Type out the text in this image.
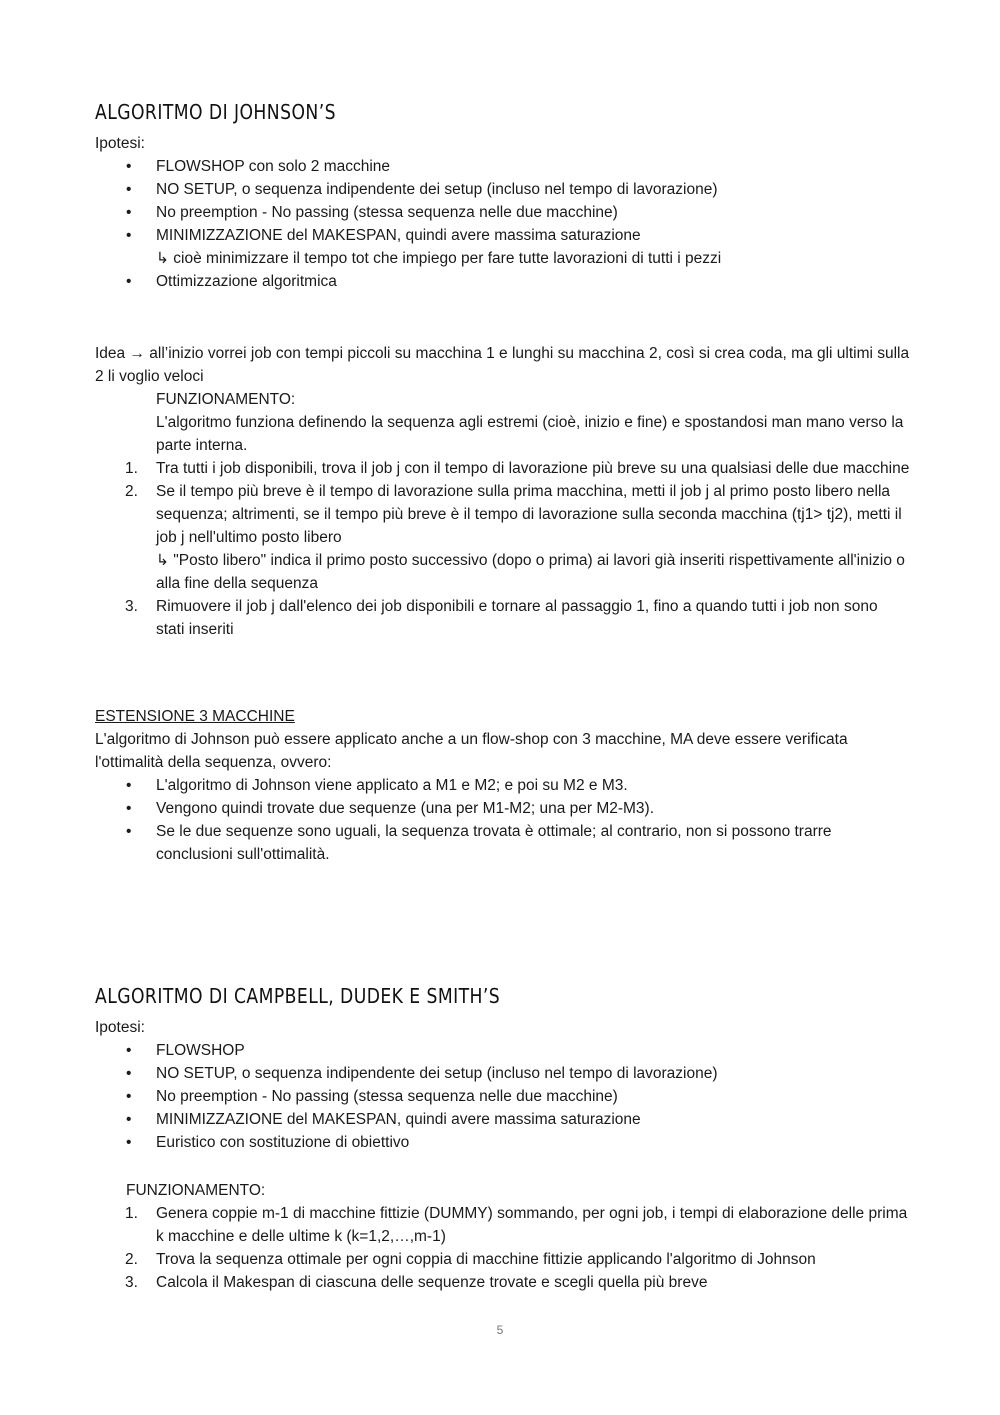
ALGORITMO DI JOHNSON’S
Ipotesi:
• FLOWSHOP con solo 2 macchine
• NO SETUP, o sequenza indipendente dei setup (incluso nel tempo di lavorazione)
• No preemption - No passing (stessa sequenza nelle due macchine)
• MINIMIZZAZIONE del MAKESPAN, quindi avere massima saturazione
↳ cioè minimizzare il tempo tot che impiego per fare tutte lavorazioni di tutti i pezzi
• Ottimizzazione algoritmica
Idea → all’inizio vorrei job con tempi piccoli su macchina 1 e lunghi su macchina 2, così si crea coda, ma gli ultimi sulla 2 li voglio veloci
FUNZIONAMENTO:
L'algoritmo funziona definendo la sequenza agli estremi (cioè, inizio e fine) e spostandosi man mano verso la parte interna.
1. Tra tutti i job disponibili, trova il job j con il tempo di lavorazione più breve su una qualsiasi delle due macchine
2. Se il tempo più breve è il tempo di lavorazione sulla prima macchina, metti il job j al primo posto libero nella sequenza; altrimenti, se il tempo più breve è il tempo di lavorazione sulla seconda macchina (tj1> tj2), metti il job j nell'ultimo posto libero
↳ "Posto libero" indica il primo posto successivo (dopo o prima) ai lavori già inseriti rispettivamente all'inizio o alla fine della sequenza
3. Rimuovere il job j dall'elenco dei job disponibili e tornare al passaggio 1, fino a quando tutti i job non sono stati inseriti
ESTENSIONE 3 MACCHINE
L'algoritmo di Johnson può essere applicato anche a un flow-shop con 3 macchine, MA deve essere verificata l'ottimalità della sequenza, ovvero:
• L'algoritmo di Johnson viene applicato a M1 e M2; e poi su M2 e M3.
• Vengono quindi trovate due sequenze (una per M1-M2; una per M2-M3).
• Se le due sequenze sono uguali, la sequenza trovata è ottimale; al contrario, non si possono trarre conclusioni sull'ottimalità.
ALGORITMO DI CAMPBELL, DUDEK E SMITH’S
Ipotesi:
• FLOWSHOP
• NO SETUP, o sequenza indipendente dei setup (incluso nel tempo di lavorazione)
• No preemption - No passing (stessa sequenza nelle due macchine)
• MINIMIZZAZIONE del MAKESPAN, quindi avere massima saturazione
• Euristico con sostituzione di obiettivo
FUNZIONAMENTO:
1. Genera coppie m-1 di macchine fittizie (DUMMY) sommando, per ogni job, i tempi di elaborazione delle prima k macchine e delle ultime k (k=1,2,…,m-1)
2. Trova la sequenza ottimale per ogni coppia di macchine fittizie applicando l'algoritmo di Johnson
3. Calcola il Makespan di ciascuna delle sequenze trovate e scegli quella più breve
5
